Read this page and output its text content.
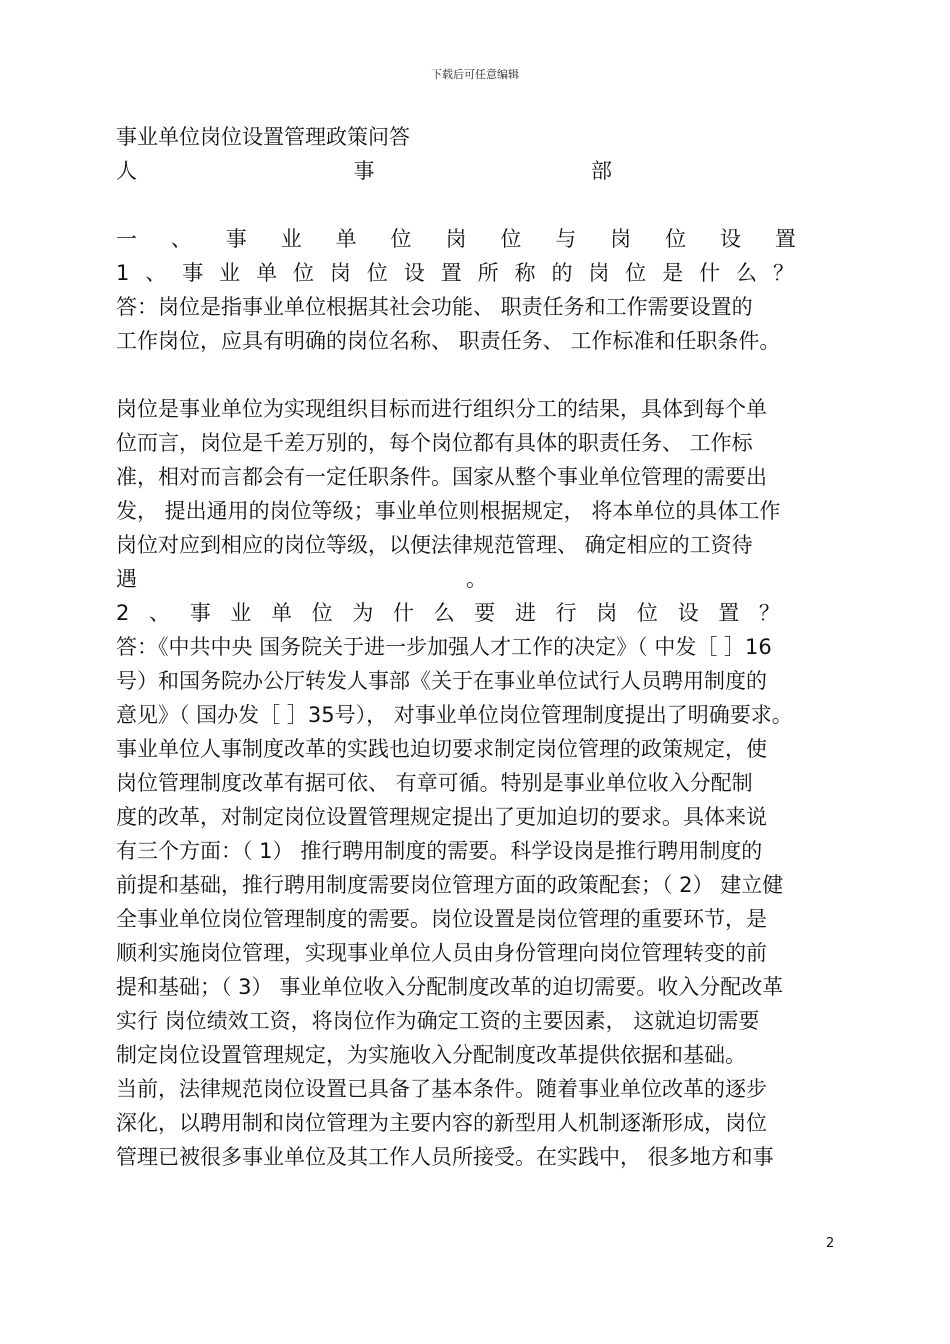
下载后可任意编辑
事业单位岗位设置管理政策问答
人	事	部
一 、 事 业 单 位 岗 位 与 岗 位 设 置
1 、 事 业 单 位 岗 位 设 置 所 称 的 岗 位 是 什 么 ？
答：岗位是指事业单位根据其社会功能、 职责任务和工作需要设置的
工作岗位，应具有明确的岗位名称、 职责任务、 工作标准和任职条件。
岗位是事业单位为实现组织目标而进行组织分工的结果，具体到每个单
位而言，岗位是千差万别的，每个岗位都有具体的职责任务、 工作标
准，相对而言都会有一定任职条件。国家从整个事业单位管理的需要出
发， 提出通用的岗位等级；事业单位则根据规定， 将本单位的具体工作
岗位对应到相应的岗位等级，以便法律规范管理、 确定相应的工资待
遇	。
2 、 事 业 单 位 为 什 么 要 进 行 岗 位 设 置 ？
答：《中共中央 国务院关于进一步加强人才工作的决定》（ 中发［ ］16
号）和国务院办公厅转发人事部《关于在事业单位试行人员聘用制度的
意见》（ 国办发［ ］35号）， 对事业单位岗位管理制度提出了明确要求。
事业单位人事制度改革的实践也迫切要求制定岗位管理的政策规定，使
岗位管理制度改革有据可依、 有章可循。特别是事业单位收入分配制
度的改革，对制定岗位设置管理规定提出了更加迫切的要求。具体来说
有三个方面：（ 1） 推行聘用制度的需要。科学设岗是推行聘用制度的
前提和基础，推行聘用制度需要岗位管理方面的政策配套；（ 2） 建立健
全事业单位岗位管理制度的需要。岗位设置是岗位管理的重要环节，是
顺利实施岗位管理，实现事业单位人员由身份管理向岗位管理转变的前
提和基础；（ 3） 事业单位收入分配制度改革的迫切需要。收入分配改革
实行 岗位绩效工资，将岗位作为确定工资的主要因素， 这就迫切需要
制定岗位设置管理规定，为实施收入分配制度改革提供依据和基础。
当前，法律规范岗位设置已具备了基本条件。随着事业单位改革的逐步
深化，以聘用制和岗位管理为主要内容的新型用人机制逐渐形成，岗位
管理已被很多事业单位及其工作人员所接受。在实践中， 很多地方和事
2
